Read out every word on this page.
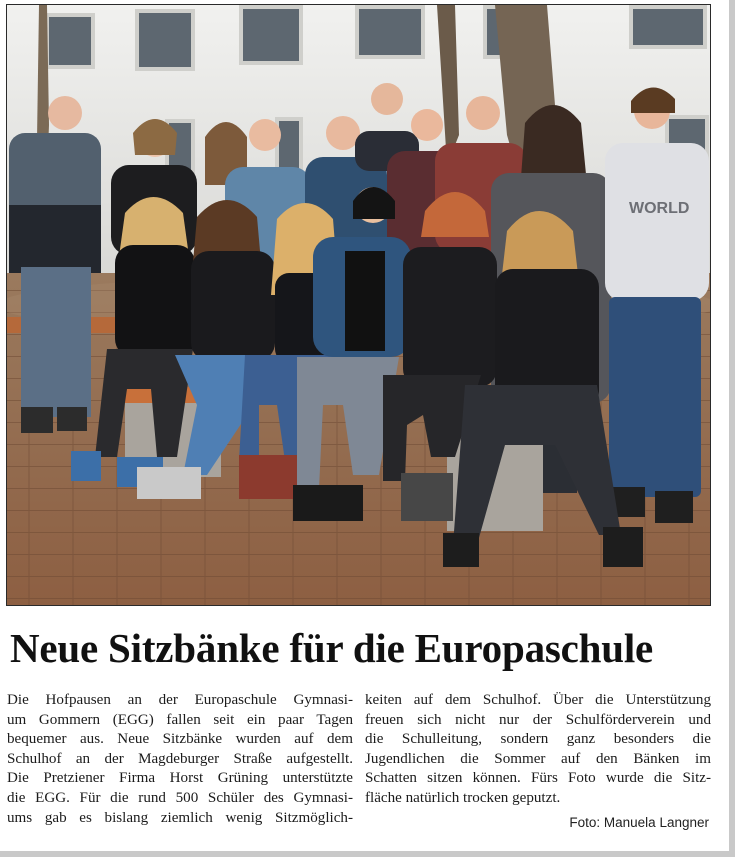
WORLD
Neue Sitzbänke für die Europaschule
Die Hofpausen an der Europaschule Gymnasi-
um Gommern (EGG) fallen seit ein paar Tagen
bequemer aus. Neue Sitzbänke wurden auf dem
Schulhof an der Magdeburger Straße aufgestellt.
Die Pretziener Firma Horst Grüning unterstützte
die EGG. Für die rund 500 Schüler des Gymnasi-
ums gab es bislang ziemlich wenig Sitzmöglich-
keiten auf dem Schulhof. Über die Unterstützung
freuen sich nicht nur der Schulförderverein und
die Schulleitung, sondern ganz besonders die
Jugendlichen die Sommer auf den Bänken im
Schatten sitzen können. Fürs Foto wurde die Sitz-
fläche natürlich trocken geputzt.
Foto: Manuela Langner
